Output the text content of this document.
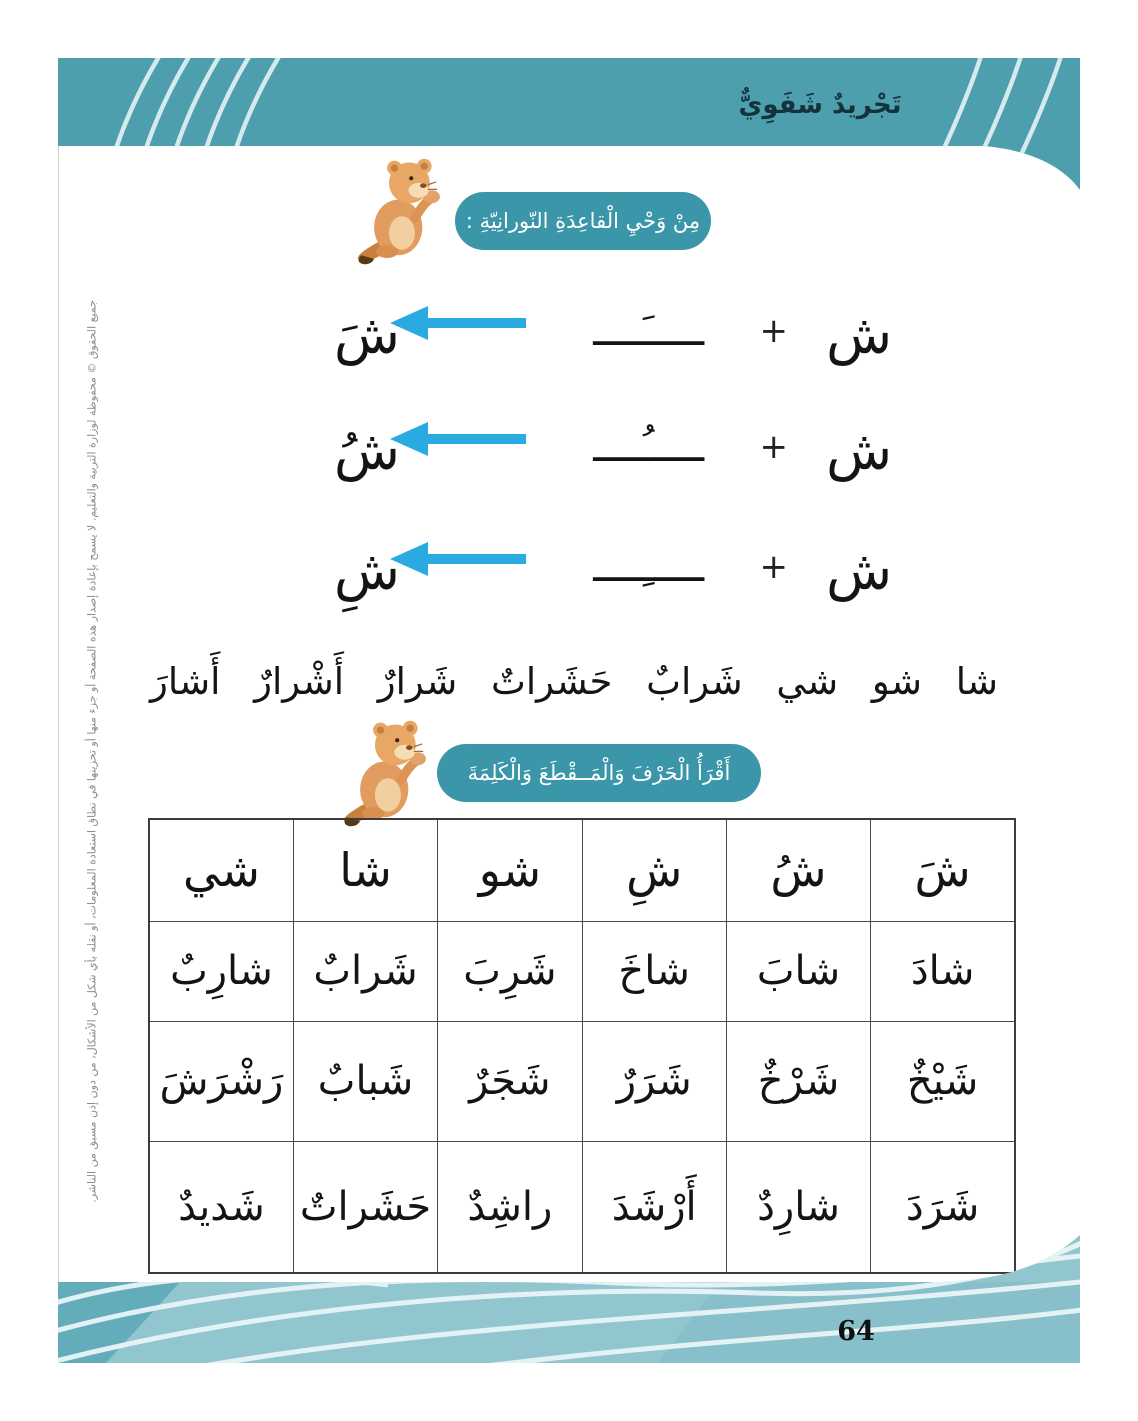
تَجْريدٌ شَفَوِيٌّ
مِنْ وَحْيِ الْقاعِدَةِ النّورانِيّةِ :
ش
+
ـــــَــــ
شَ
ش
+
ـــــُــــ
شُ
ش
+
ـــــِــــ
شِ
شا
شو
شي
شَرابٌ
حَشَراتٌ
شَرارٌ
أَشْرارٌ
أَشارَ
أَقْرَأُ الْحَرْفَ وَالْمَــقْطَعَ وَالْكَلِمَةَ
شَ	شُ	شِ	شو	شا	شي
شادَ	شابَ	شاخَ	شَرِبَ	شَرابٌ	شارِبٌ
شَيْخٌ	شَرْخٌ	شَرَرٌ	شَجَرٌ	شَبابٌ	رَشْرَشَ
شَرَدَ	شارِدٌ	أَرْشَدَ	راشِدٌ	حَشَراتٌ	شَديدٌ
64
جميع الحقوق © محفوظة لوزارة التربية والتعليم. لا يسمح بإعادة إصدار هذه الصفحة أو جزء منها أو تخزينها في نطاق استعادة المعلومات، أو نقله بأي شكل من الأشكال، من دون إذن مسبق من الناشر.
